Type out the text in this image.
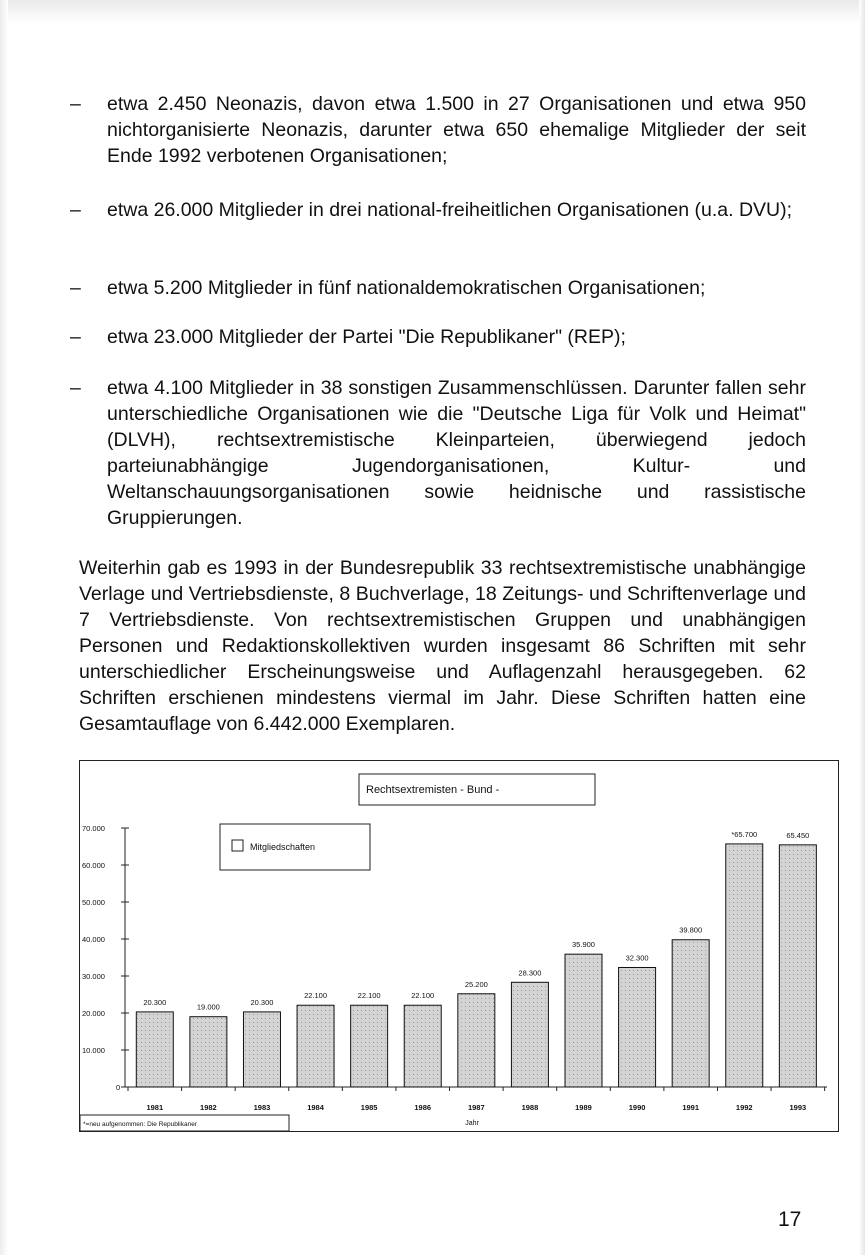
– etwa 2.450 Neonazis, davon etwa 1.500 in 27 Organisationen und etwa 950 nichtorganisierte Neonazis, darunter etwa 650 ehemalige Mitglieder der seit Ende 1992 verbotenen Organisationen;
– etwa 26.000 Mitglieder in drei national-freiheitlichen Organisationen (u.a. DVU);
– etwa 5.200 Mitglieder in fünf nationaldemokratischen Organisationen;
– etwa 23.000 Mitglieder der Partei "Die Republikaner" (REP);
– etwa 4.100 Mitglieder in 38 sonstigen Zusammenschlüssen. Darunter fallen sehr unterschiedliche Organisationen wie die "Deutsche Liga für Volk und Heimat" (DLVH), rechtsextremistische Kleinparteien, überwiegend jedoch parteiunabhängige Jugendorganisationen, Kultur- und Weltanschauungsorganisationen sowie heidnische und rassistische Gruppierungen.
Weiterhin gab es 1993 in der Bundesrepublik 33 rechtsextremistische unabhängige Verlage und Vertriebsdienste, 8 Buchverlage, 18 Zeitungs- und Schriftenverlage und 7 Vertriebsdienste. Von rechtsextremistischen Gruppen und unabhängigen Personen und Redaktionskollektiven wurden insgesamt 86 Schriften mit sehr unterschiedlicher Erscheinungsweise und Auflagenzahl herausgegeben. 62 Schriften erschienen mindestens viermal im Jahr. Diese Schriften hatten eine Gesamtauflage von 6.442.000 Exemplaren.
Rechtsextremisten - Bund -
Mitgliedschaften
0
10.000
20.000
30.000
40.000
50.000
60.000
70.000
20.300
1981
19.000
1982
20.300
1983
22.100
1984
22.100
1985
22.100
1986
25.200
1987
28.300
1988
35.900
1989
32.300
1990
39.800
1991
*65.700
1992
65.450
1993
Jahr
*=neu aufgenommen: Die Republikaner
17
